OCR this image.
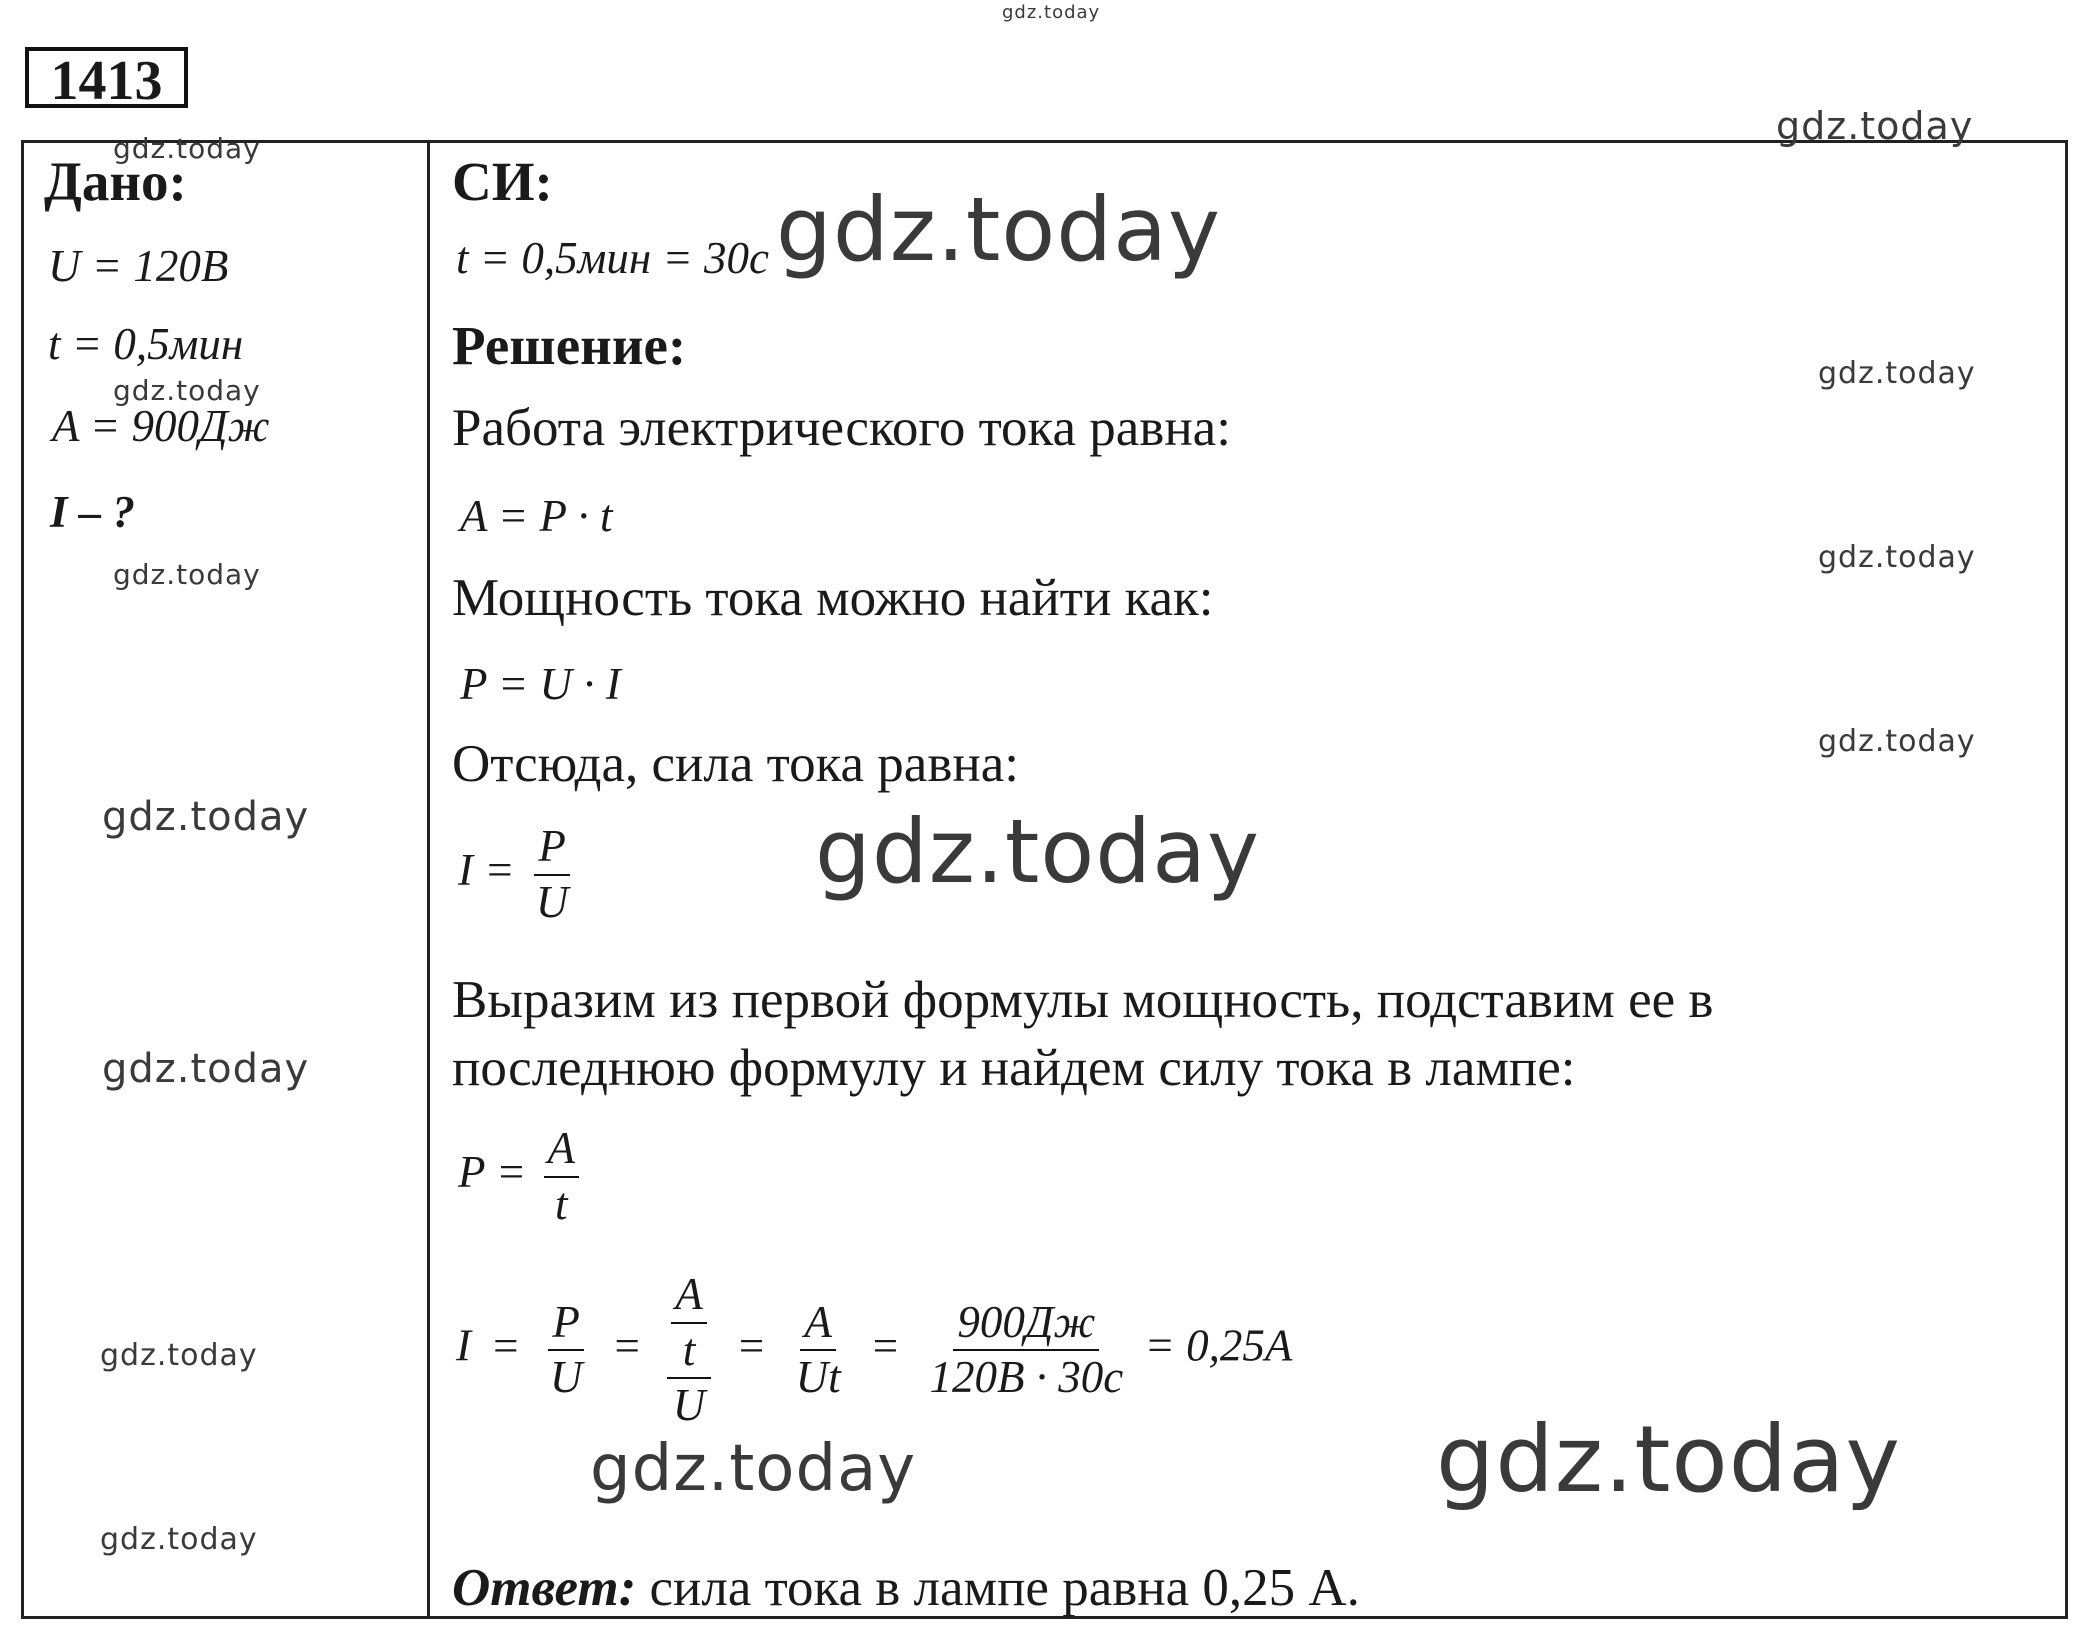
1413
Дано:
U = 120В
t = 0,5мин
A = 900Дж
I – ?
СИ:
t = 0,5мин = 30с
Решение:
Работа электрического тока равна:
A = P · t
Мощность тока можно найти как:
P = U · I
Отсюда, сила тока равна:
$I = \frac{P}{U}$
Выразим из первой формулы мощность, подставим ее в
последнюю формулу и найдем силу тока в лампе:
$P = \frac{A}{t}$
$I = \frac{P}{U} = \frac{\frac{A}{t}}{U} = \frac{A}{Ut} = \frac{900Дж}{120В \cdot 30с} = 0,25A$
Ответ: сила тока в лампе равна 0,25 А.
gdz.today
gdz.today
gdz.today
gdz.today
gdz.today
gdz.today
gdz.today
gdz.today
gdz.today
gdz.today
gdz.today
gdz.today
gdz.today
gdz.today
gdz.today	gdz.today
